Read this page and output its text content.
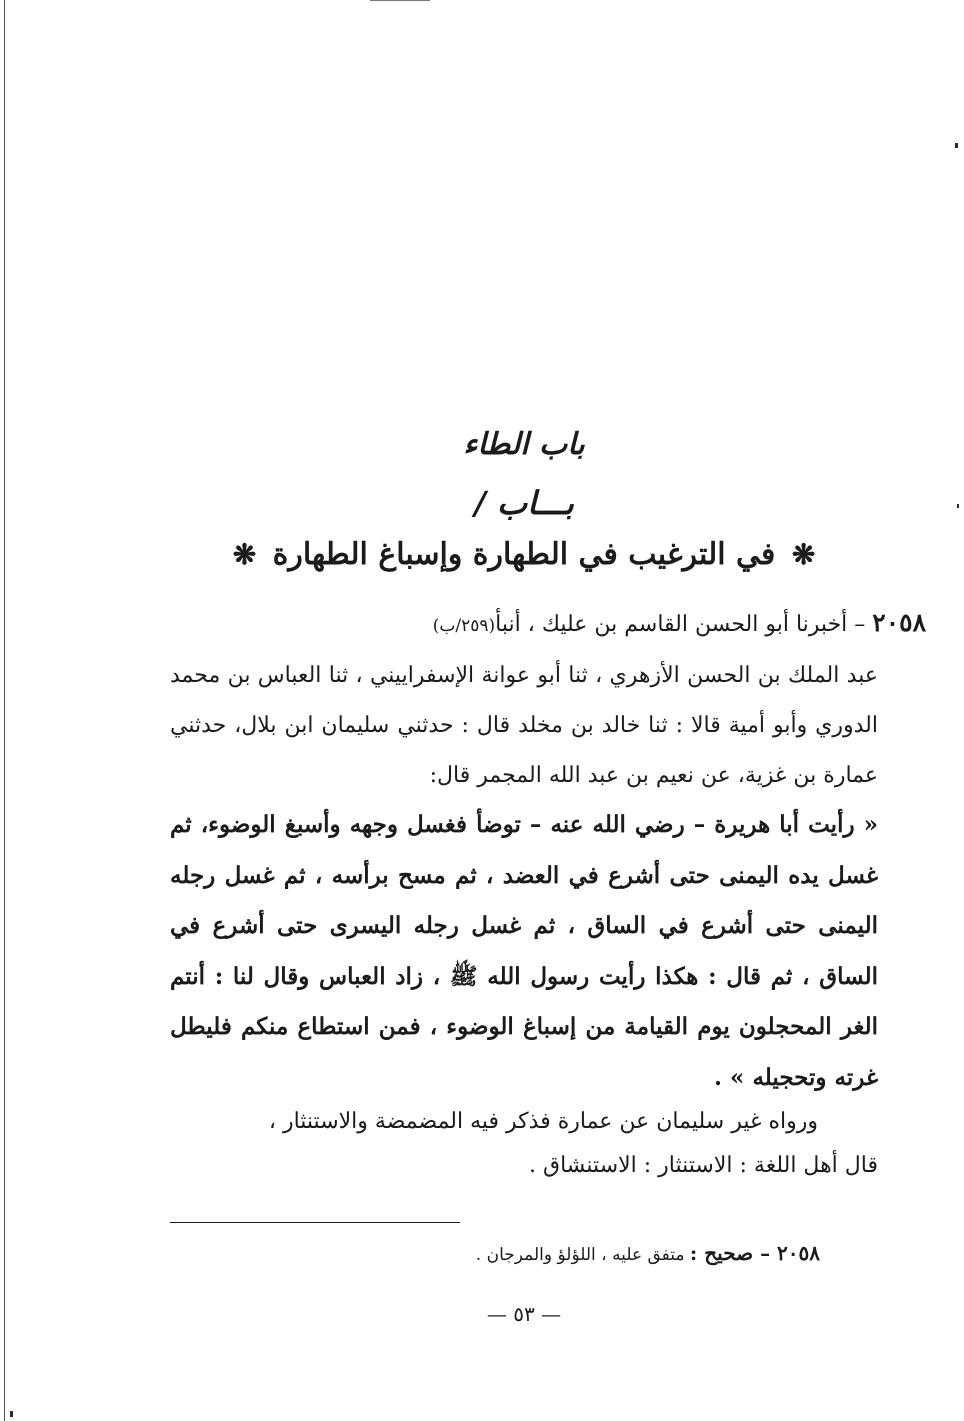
باب الطاء
بـــاب /
❋ في الترغيب في الطهارة وإسباغ الطهارة ❋
٢٠٥٨ – أخبرنا أبو الحسن القاسم بن عليك ، أنبأ(٢٥٩/ب)
عبد الملك بن الحسن الأزهري ، ثنا أبو عوانة الإسفراييني ، ثنا العباس بن محمد الدوري وأبو أمية قالا : ثنا خالد بن مخلد قال : حدثني سليمان ابن بلال، حدثني عمارة بن غزية، عن نعيم بن عبد الله المجمر قال:
« رأيت أبا هريرة – رضي الله عنه – توضأ فغسل وجهه وأسبغ الوضوء، ثم غسل يده اليمنى حتى أشرع في العضد ، ثم مسح برأسه ، ثم غسل رجله اليمنى حتى أشرع في الساق ، ثم غسل رجله اليسرى حتى أشرع في الساق ، ثم قال : هكذا رأيت رسول الله ﷺ ، زاد العباس وقال لنا : أنتم الغر المحجلون يوم القيامة من إسباغ الوضوء ، فمن استطاع منكم فليطل غرته وتحجيله » .
ورواه غير سليمان عن عمارة فذكر فيه المضمضة والاستنثار ،
قال أهل اللغة : الاستنثار : الاستنشاق .
٢٠٥٨ – صحيح : متفق عليه ، اللؤلؤ والمرجان .
— ٥٣ —
